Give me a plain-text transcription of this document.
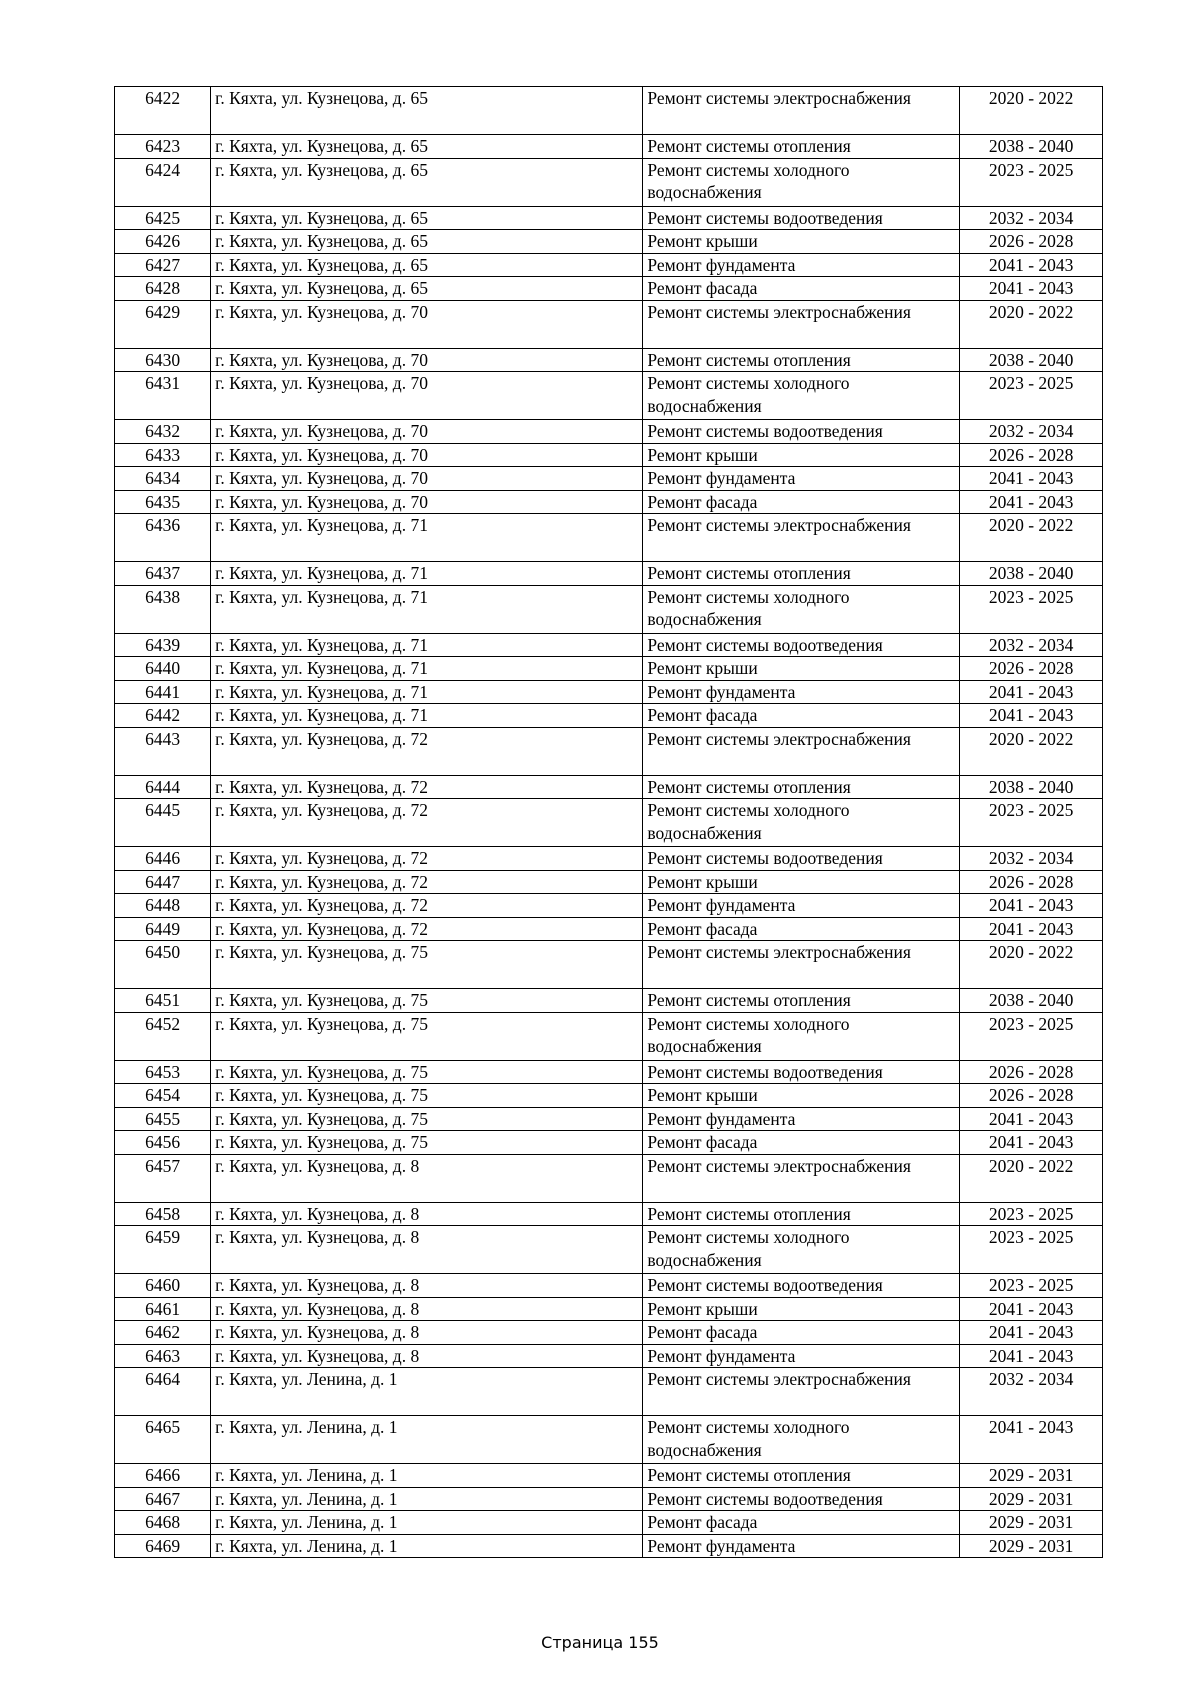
6422	г. Кяхта, ул. Кузнецова, д. 65	Ремонт системы электроснабжения	2020 - 2022
6423	г. Кяхта, ул. Кузнецова, д. 65	Ремонт системы отопления	2038 - 2040
6424	г. Кяхта, ул. Кузнецова, д. 65	Ремонт системы холодного водоснабжения	2023 - 2025
6425	г. Кяхта, ул. Кузнецова, д. 65	Ремонт системы водоотведения	2032 - 2034
6426	г. Кяхта, ул. Кузнецова, д. 65	Ремонт крыши	2026 - 2028
6427	г. Кяхта, ул. Кузнецова, д. 65	Ремонт фундамента	2041 - 2043
6428	г. Кяхта, ул. Кузнецова, д. 65	Ремонт фасада	2041 - 2043
6429	г. Кяхта, ул. Кузнецова, д. 70	Ремонт системы электроснабжения	2020 - 2022
6430	г. Кяхта, ул. Кузнецова, д. 70	Ремонт системы отопления	2038 - 2040
6431	г. Кяхта, ул. Кузнецова, д. 70	Ремонт системы холодного водоснабжения	2023 - 2025
6432	г. Кяхта, ул. Кузнецова, д. 70	Ремонт системы водоотведения	2032 - 2034
6433	г. Кяхта, ул. Кузнецова, д. 70	Ремонт крыши	2026 - 2028
6434	г. Кяхта, ул. Кузнецова, д. 70	Ремонт фундамента	2041 - 2043
6435	г. Кяхта, ул. Кузнецова, д. 70	Ремонт фасада	2041 - 2043
6436	г. Кяхта, ул. Кузнецова, д. 71	Ремонт системы электроснабжения	2020 - 2022
6437	г. Кяхта, ул. Кузнецова, д. 71	Ремонт системы отопления	2038 - 2040
6438	г. Кяхта, ул. Кузнецова, д. 71	Ремонт системы холодного водоснабжения	2023 - 2025
6439	г. Кяхта, ул. Кузнецова, д. 71	Ремонт системы водоотведения	2032 - 2034
6440	г. Кяхта, ул. Кузнецова, д. 71	Ремонт крыши	2026 - 2028
6441	г. Кяхта, ул. Кузнецова, д. 71	Ремонт фундамента	2041 - 2043
6442	г. Кяхта, ул. Кузнецова, д. 71	Ремонт фасада	2041 - 2043
6443	г. Кяхта, ул. Кузнецова, д. 72	Ремонт системы электроснабжения	2020 - 2022
6444	г. Кяхта, ул. Кузнецова, д. 72	Ремонт системы отопления	2038 - 2040
6445	г. Кяхта, ул. Кузнецова, д. 72	Ремонт системы холодного водоснабжения	2023 - 2025
6446	г. Кяхта, ул. Кузнецова, д. 72	Ремонт системы водоотведения	2032 - 2034
6447	г. Кяхта, ул. Кузнецова, д. 72	Ремонт крыши	2026 - 2028
6448	г. Кяхта, ул. Кузнецова, д. 72	Ремонт фундамента	2041 - 2043
6449	г. Кяхта, ул. Кузнецова, д. 72	Ремонт фасада	2041 - 2043
6450	г. Кяхта, ул. Кузнецова, д. 75	Ремонт системы электроснабжения	2020 - 2022
6451	г. Кяхта, ул. Кузнецова, д. 75	Ремонт системы отопления	2038 - 2040
6452	г. Кяхта, ул. Кузнецова, д. 75	Ремонт системы холодного водоснабжения	2023 - 2025
6453	г. Кяхта, ул. Кузнецова, д. 75	Ремонт системы водоотведения	2026 - 2028
6454	г. Кяхта, ул. Кузнецова, д. 75	Ремонт крыши	2026 - 2028
6455	г. Кяхта, ул. Кузнецова, д. 75	Ремонт фундамента	2041 - 2043
6456	г. Кяхта, ул. Кузнецова, д. 75	Ремонт фасада	2041 - 2043
6457	г. Кяхта, ул. Кузнецова, д. 8	Ремонт системы электроснабжения	2020 - 2022
6458	г. Кяхта, ул. Кузнецова, д. 8	Ремонт системы отопления	2023 - 2025
6459	г. Кяхта, ул. Кузнецова, д. 8	Ремонт системы холодного водоснабжения	2023 - 2025
6460	г. Кяхта, ул. Кузнецова, д. 8	Ремонт системы водоотведения	2023 - 2025
6461	г. Кяхта, ул. Кузнецова, д. 8	Ремонт крыши	2041 - 2043
6462	г. Кяхта, ул. Кузнецова, д. 8	Ремонт фасада	2041 - 2043
6463	г. Кяхта, ул. Кузнецова, д. 8	Ремонт фундамента	2041 - 2043
6464	г. Кяхта, ул. Ленина, д. 1	Ремонт системы электроснабжения	2032 - 2034
6465	г. Кяхта, ул. Ленина, д. 1	Ремонт системы холодного водоснабжения	2041 - 2043
6466	г. Кяхта, ул. Ленина, д. 1	Ремонт системы отопления	2029 - 2031
6467	г. Кяхта, ул. Ленина, д. 1	Ремонт системы водоотведения	2029 - 2031
6468	г. Кяхта, ул. Ленина, д. 1	Ремонт фасада	2029 - 2031
6469	г. Кяхта, ул. Ленина, д. 1	Ремонт фундамента	2029 - 2031
Страница 155
